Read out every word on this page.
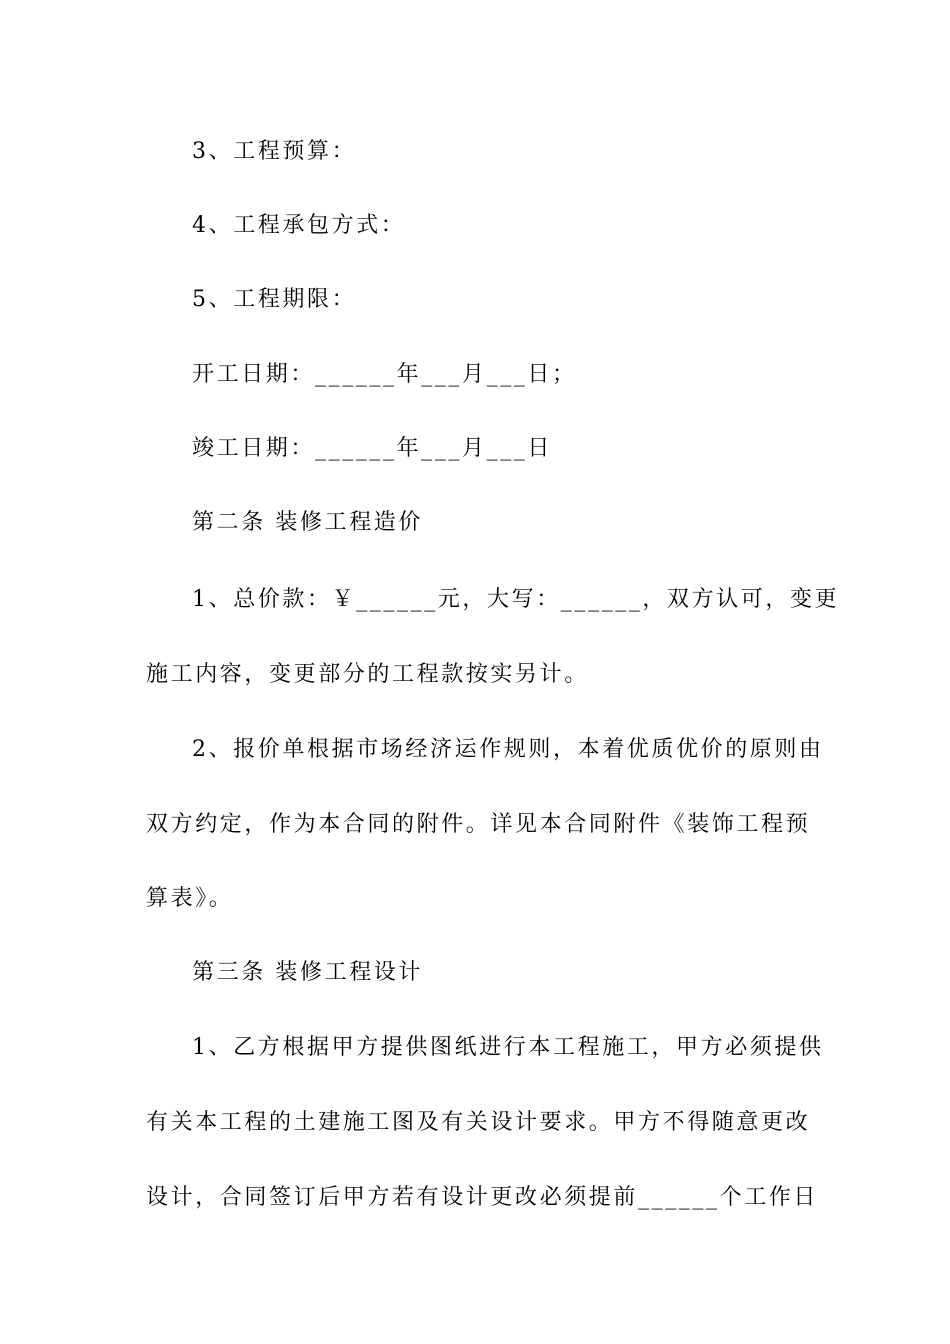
3、工程预算：
4、工程承包方式：
5、工程期限：
开工日期：______年___月___日；
竣工日期：______年___月___日
第二条 装修工程造价
1、总价款：￥______元，大写：______，双方认可，变更
施工内容，变更部分的工程款按实另计。
2、报价单根据市场经济运作规则，本着优质优价的原则由
双方约定，作为本合同的附件。详见本合同附件《装饰工程预
算表》。
第三条 装修工程设计
1、乙方根据甲方提供图纸进行本工程施工，甲方必须提供
有关本工程的土建施工图及有关设计要求。甲方不得随意更改
设计，合同签订后甲方若有设计更改必须提前______个工作日
